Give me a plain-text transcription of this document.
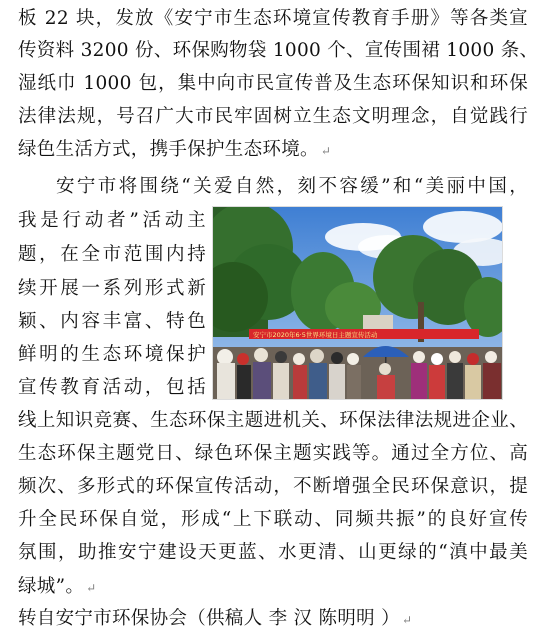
板 22 块，发放《安宁市生态环境宣传教育手册》等各类宣
传资料 3200 份、环保购物袋 1000 个、宣传围裙 1000 条、
湿纸巾 1000 包，集中向市民宣传普及生态环保知识和环保
法律法规，号召广大市民牢固树立生态文明理念，自觉践行
绿色生活方式，携手保护生态环境。 ↵
安宁市将围绕“关爱自然，刻不容缓”和“美丽中国，
我是行动者”活动主
题，在全市范围内持
续开展一系列形式新
颖、内容丰富、特色
鲜明的生态环境保护
宣传教育活动，包括
线上知识竞赛、生态环保主题进机关、环保法律法规进企业、
生态环保主题党日、绿色环保主题实践等。通过全方位、高
频次、多形式的环保宣传活动，不断增强全民环保意识，提
升全民环保自觉，形成“上下联动、同频共振”的良好宣传
氛围，助推安宁建设天更蓝、水更清、山更绿的“滇中最美
绿城”。 ↵
转自安宁市环保协会（供稿人 李 汉 陈明明 ） ↵
安宁市2020年6·5世界环境日主题宣传活动
